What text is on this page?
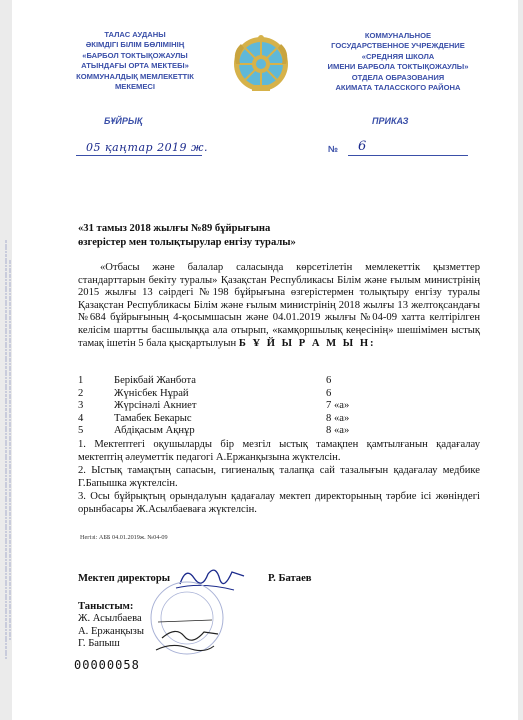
ТАЛАС АУДАНЫ
ӘКІМДІГІ БІЛІМ БӨЛІМІНІҢ
«БАРБОЛ ТОКТЫҚОЖАУЛЫ
АТЫНДАҒЫ ОРТА МЕКТЕБІ»
КОММУНАЛДЫҚ МЕМЛЕКЕТТІК
МЕКЕМЕСІ
КОММУНАЛЬНОЕ
ГОСУДАРСТВЕННОЕ УЧРЕЖДЕНИЕ
«СРЕДНЯЯ ШКОЛА
ИМЕНИ БАРБОЛА ТОКТЫҚОЖАУЛЫ»
ОТДЕЛА ОБРАЗОВАНИЯ
АКИМАТА ТАЛАССКОГО РАЙОНА
БҰЙРЫҚ	ПРИКАЗ
05 қаңтар 2019 ж.	№ 6
«31 тамыз 2018 жылғы №89 бұйрығына
өзгерістер мен толықтырулар енгізу туралы»

«Отбасы және балалар саласында көрсетілетін мемлекеттік қызметтер стандарттарын бекіту туралы» Қазақстан Республикасы Білім және ғылым министрінің 2015 жылғы 13 сәірдегі №198 бұйрығына өзгерістермен толықтыру енгізу туралы Қазақстан Республикасы Білім және ғылым министрінің 2018 жылғы 13 желтоқсандағы №684 бұйрығының 4-қосымшасын және 04.01.2019 жылғы №04-09 хатта келтірілген келісім шартты басшылыққа ала отырып, «камқоршылық кеңесінің» шешімімен ыстық тамақ ішетін 5 бала қысқартылуын Б Ұ Й Ы Р А М Ы Н:

1	Берікбай Жанбота	6
2	Жүнісбек Нұрай	6
3	Жүрсінәлі Акниет	7 «а»
4	Тамабек Бекарыс	8 «а»
5	Абдіқасым Ақнұр	8 «а»

1. Мектептегі оқушыларды бір мезгіл ыстық тамақпен қамтылғанын қадағалау мектептің әлеуметтік педагогі А.Ержанқызына жүктелсін.

2. Ыстық тамақтың сапасын, гигиеналық талапқа сай тазалығын қадағалау медбике Г.Бапышка жүктелсін.

3. Осы бұйрықтың орындалуын қадағалау мектеп директорының тәрбие ісі жөніндегі орынбасары Ж.Асылбаеваға жүктелсін.

Негізі: АББ 04.01.2019ж. №04-09
Мектеп директоры	Р. Батаев
Таныстым:
Ж. Асылбаева
А. Ержанқызы
Г. Бапыш
00000058
